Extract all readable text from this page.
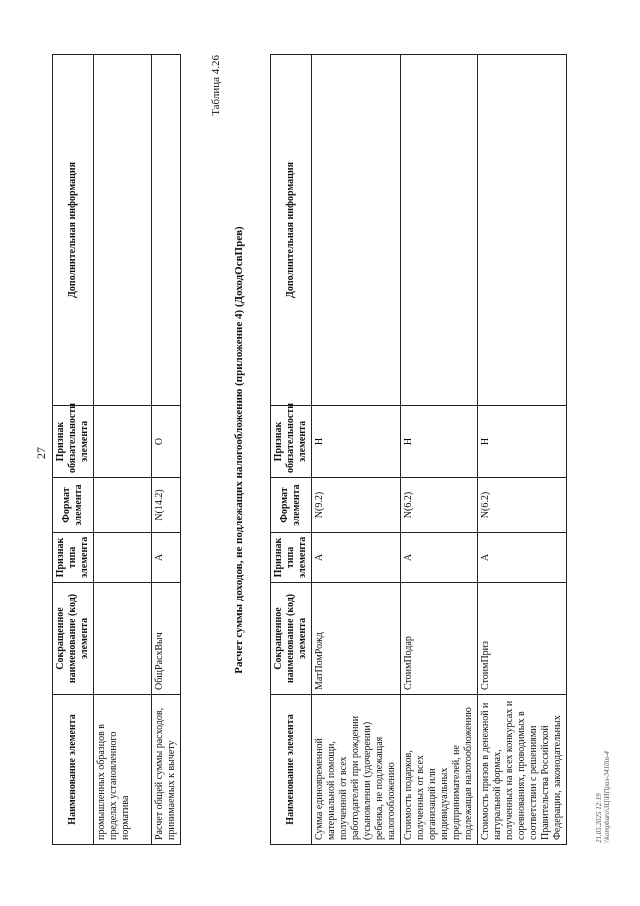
27
Наименование элемента	Сокращенное наименование (код) элемента	Признак типа элемента	Формат элемента	Признак обязательности элемента	Дополнительная информация
промышленных образцов в пределах установленного норматива					
Расчет общей суммы расходов, принимаемых к вычету	ОбщРасхВыч	А	N(14.2)	О	
Таблица 4.26
Расчет суммы доходов, не подлежащих налогообложению (приложение 4) (ДоходОсвПрев)
Наименование элемента	Сокращенное наименование (код) элемента	Признак типа элемента	Формат элемента	Признак обязательности элемента	Дополнительная информация
Сумма единовременной материальной помощи, полученной от всех работодателей при рождении (усыновлении (удочерении) ребенка, не подлежащая налогообложению	МатПомРожд	А	N(9.2)	Н	
Стоимость подарков, полученных от всех организаций или индивидуальных предпринимателей, не подлежащая налогообложению	СтоимПодар	А	N(6.2)	Н	
Стоимость призов в денежной и натуральной формах, полученных на всех конкурсах и соревнованиях, проводимых в соответствии с решениями Правительства Российской Федерации, законодательных	СтоимПриз	А	N(6.2)	Н	
21.05.2025 12:19 \\kompburo\ЗЦ\ИПриз-3410in-4
